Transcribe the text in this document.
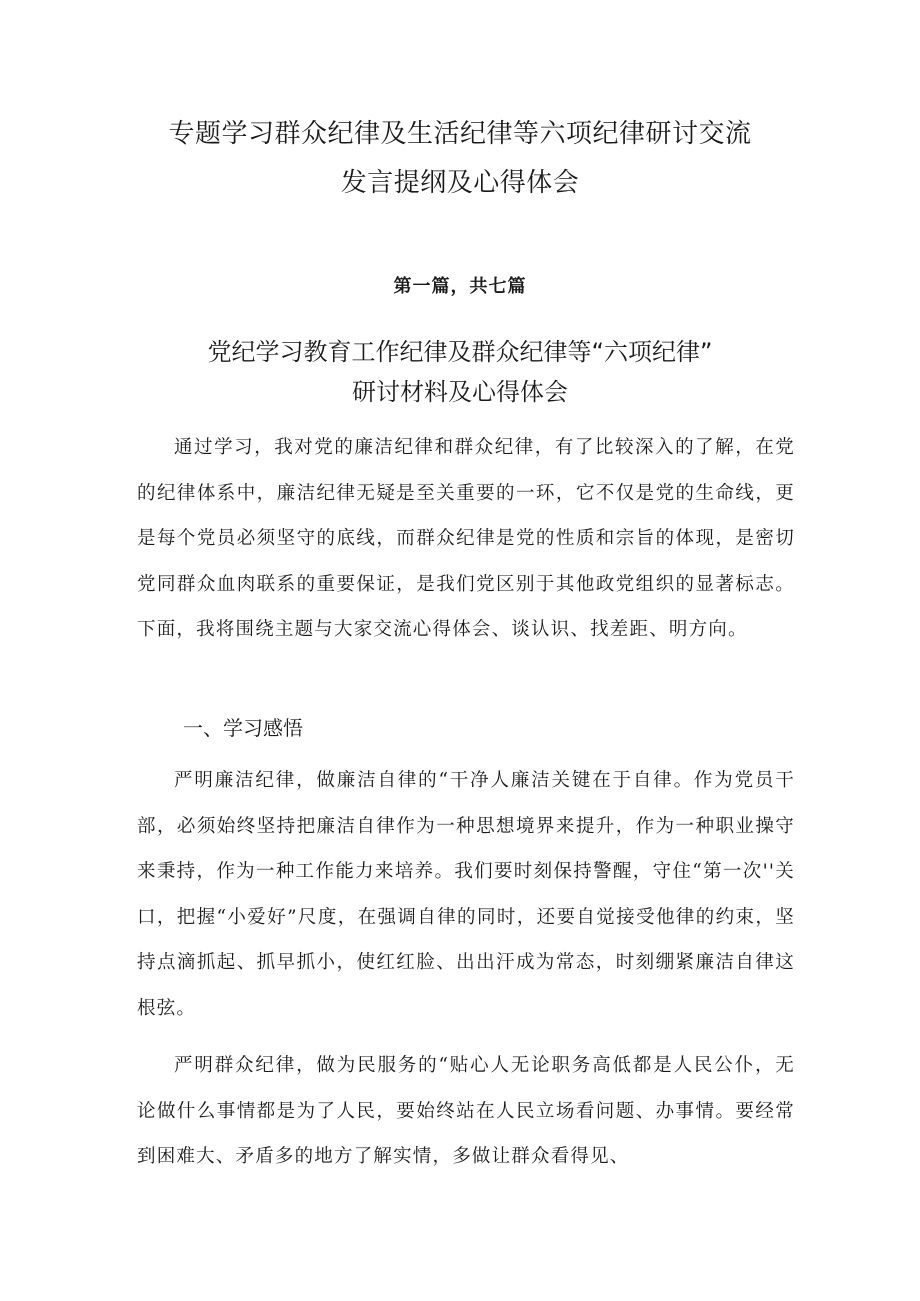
专题学习群众纪律及生活纪律等六项纪律研讨交流
发言提纲及心得体会
第一篇，共七篇
党纪学习教育工作纪律及群众纪律等“六项纪律”
研讨材料及心得体会

通过学习，我对党的廉洁纪律和群众纪律，有了比较深入的了解，在党的纪律体系中，廉洁纪律无疑是至关重要的一环，它不仅是党的生命线，更是每个党员必须坚守的底线，而群众纪律是党的性质和宗旨的体现，是密切党同群众血肉联系的重要保证，是我们党区别于其他政党组织的显著标志。下面，我将围绕主题与大家交流心得体会、谈认识、找差距、明方向。

一、学习感悟

严明廉洁纪律，做廉洁自律的“干净人廉洁关键在于自律。作为党员干部，必须始终坚持把廉洁自律作为一种思想境界来提升，作为一种职业操守来秉持，作为一种工作能力来培养。我们要时刻保持警醒，守住“第一次''关口，把握“小爱好”尺度，在强调自律的同时，还要自觉接受他律的约束，坚持点滴抓起、抓早抓小，使红红脸、出出汗成为常态，时刻绷紧廉洁自律这根弦。

严明群众纪律，做为民服务的“贴心人无论职务高低都是人民公仆，无论做什么事情都是为了人民，要始终站在人民立场看问题、办事情。要经常到困难大、矛盾多的地方了解实情，多做让群众看得见、
